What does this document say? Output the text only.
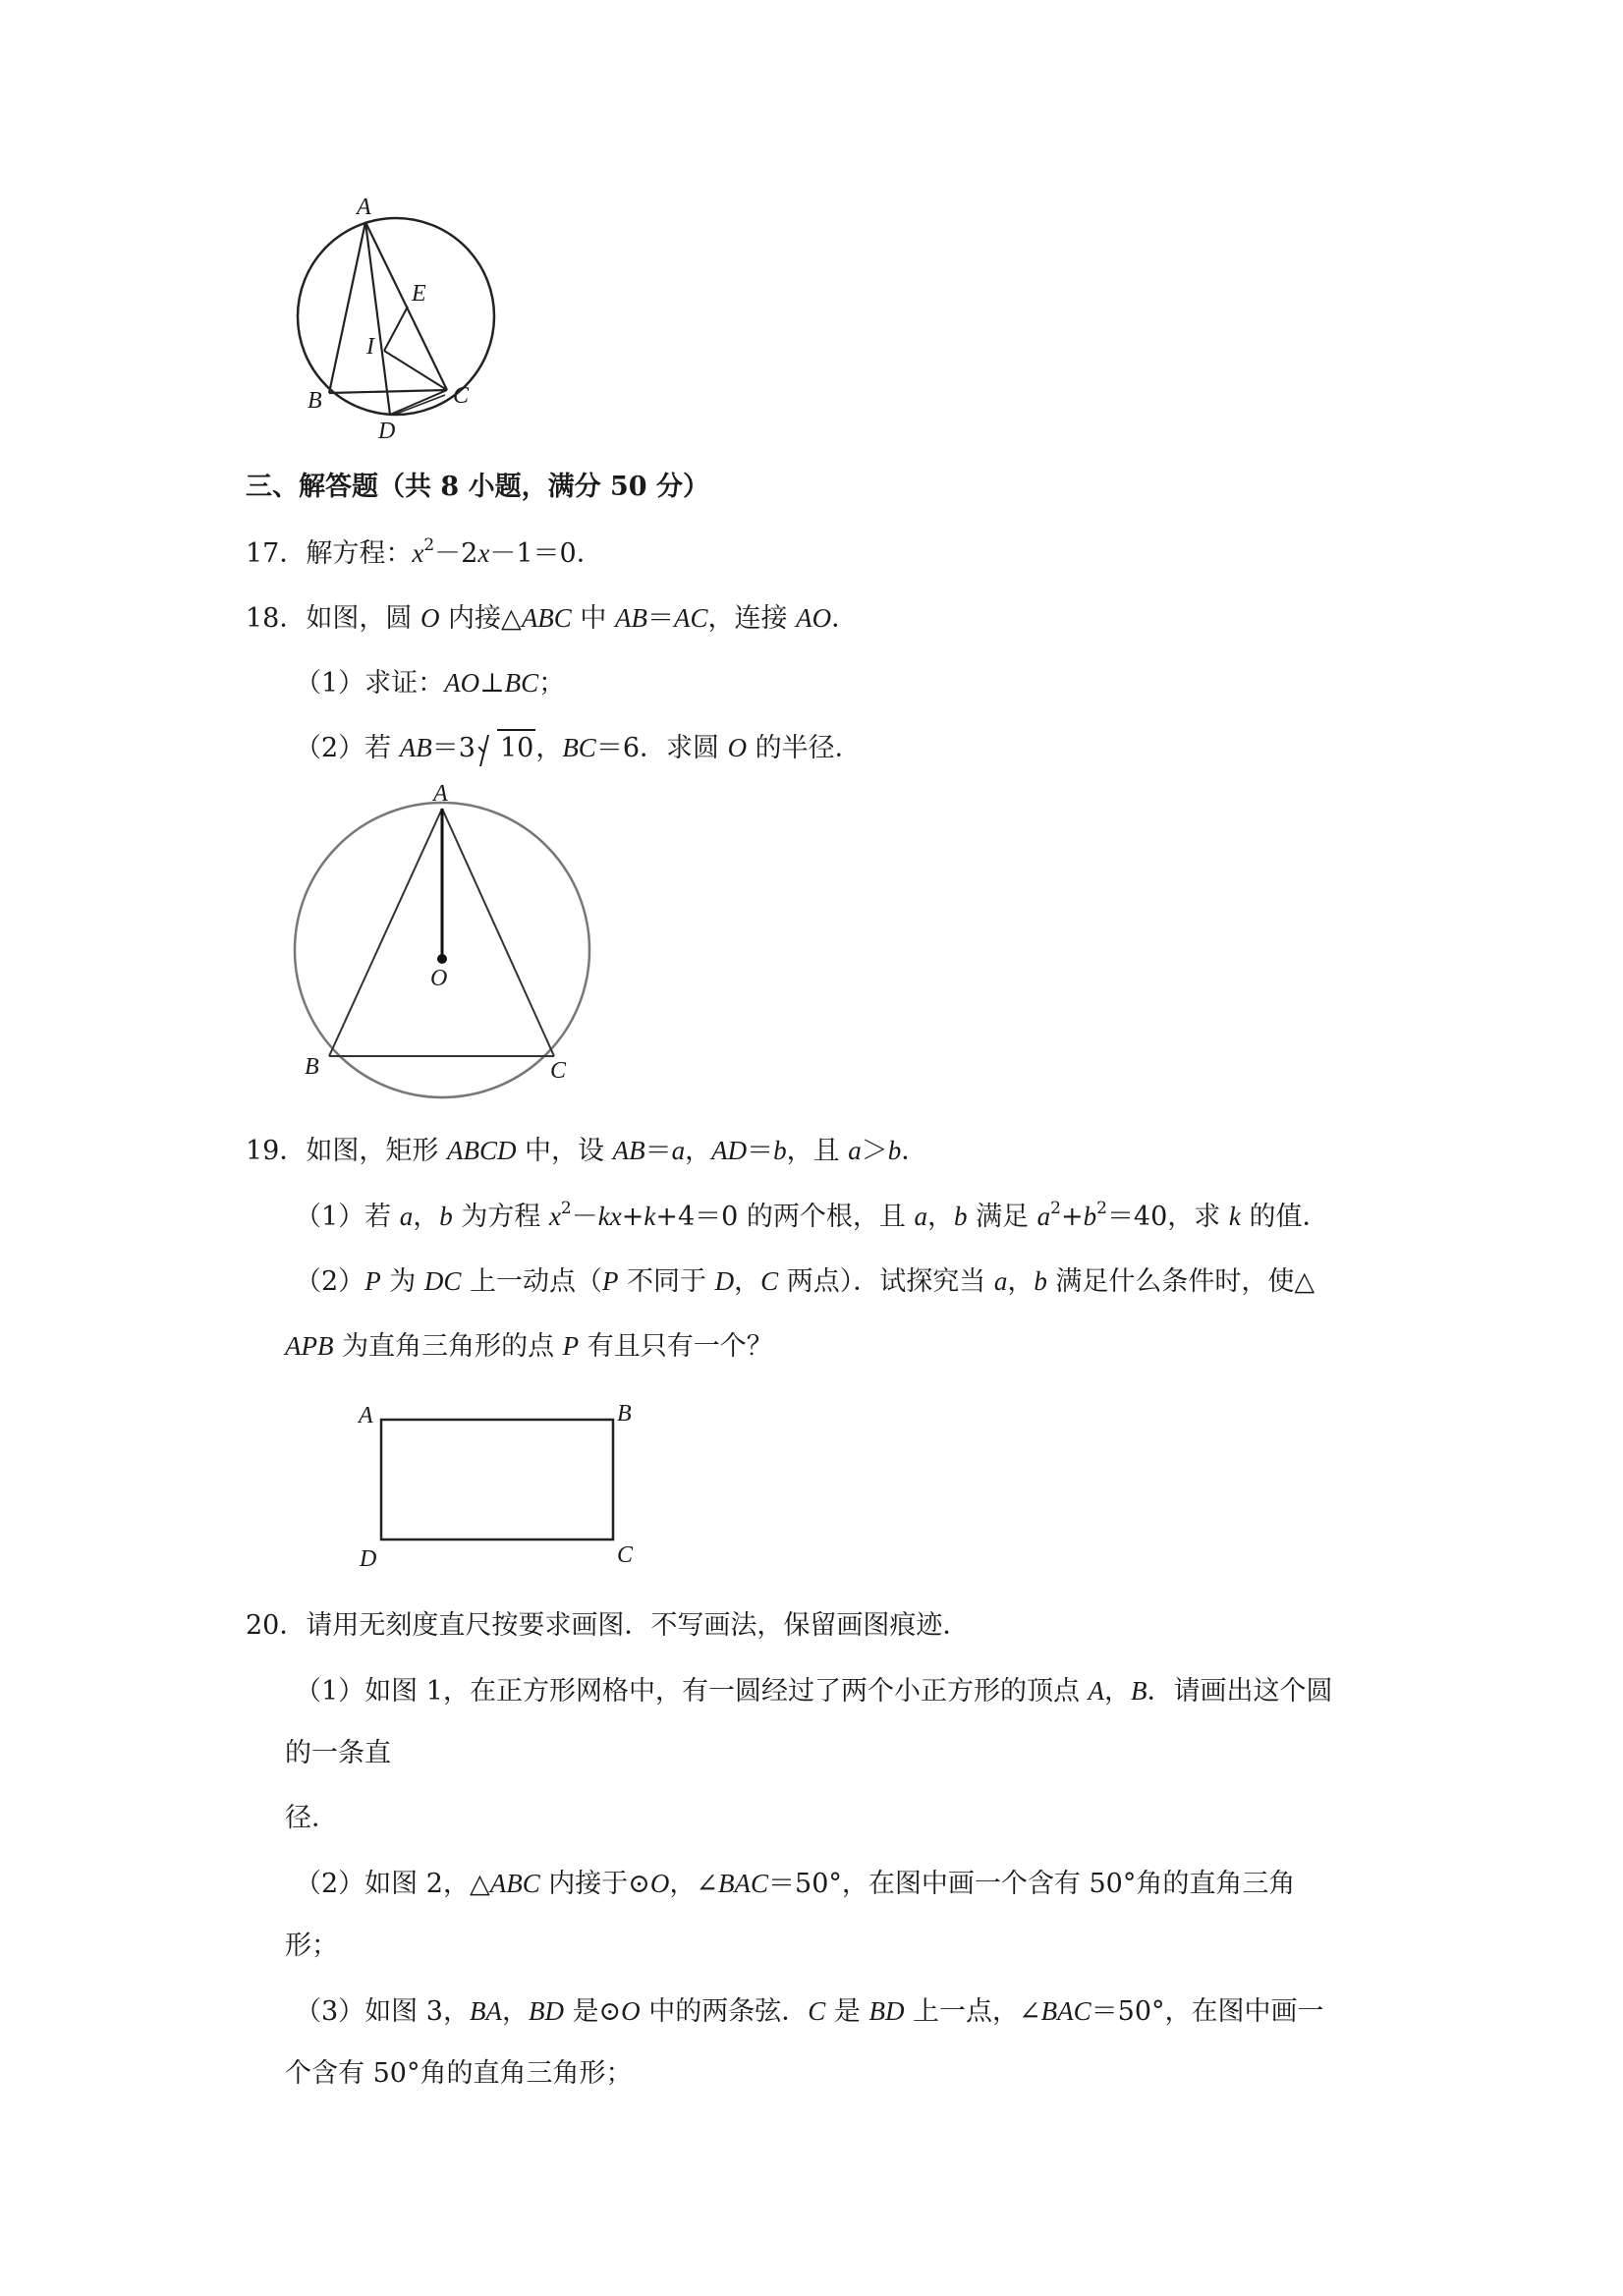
A
E
I
B	C
D
三、解答题（共 8 小题，满分 50 分）
17．解方程：$x^2-2x-1=0$．
18．如图，圆 O 内接△ABC 中 AB＝AC，连接 AO．
（1）求证：AO⊥BC；
（2）若 AB＝3 10，BC＝6．求圆 O 的半径．
A
O
B	C
19．如图，矩形 ABCD 中，设 AB＝a，AD＝b，且 a＞b．
（1）若 a，b 为方程 $x^2-kx+k+4=0$ 的两个根，且 a，b 满足 $a^2+b^2=40$，求 k 的值．
（2）P 为 DC 上一动点（P 不同于 D，C 两点）．试探究当 a，b 满足什么条件时，使△
APB 为直角三角形的点 P 有且只有一个？
A	B
C
D
20．请用无刻度直尺按要求画图．不写画法，保留画图痕迹．
（1）如图 1，在正方形网格中，有一圆经过了两个小正方形的顶点 A，B．请画出这个圆
的一条直
径．
（2）如图 2，△ABC 内接于⊙O，∠BAC＝50°，在图中画一个含有 50°角的直角三角
形；
（3）如图 3，BA，BD 是⊙O 中的两条弦．C 是 BD 上一点，∠BAC＝50°，在图中画一
个含有 50°角的直角三角形；
